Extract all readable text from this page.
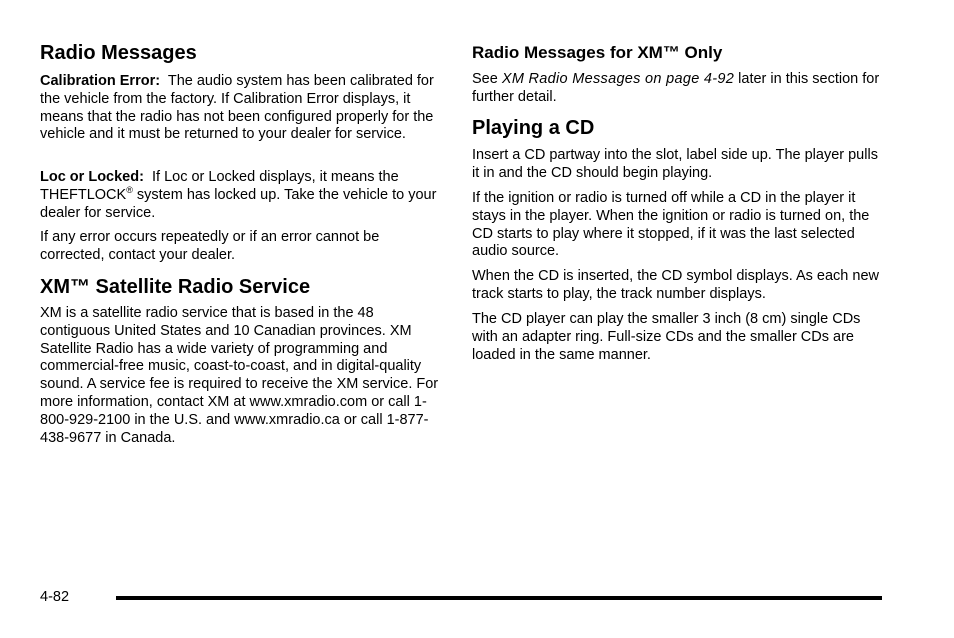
Radio Messages

Calibration Error: The audio system has been calibrated for the vehicle from the factory. If Calibration Error displays, it means that the radio has not been configured properly for the vehicle and it must be returned to your dealer for service.

Loc or Locked: If Loc or Locked displays, it means the THEFTLOCK® system has locked up. Take the vehicle to your dealer for service.

If any error occurs repeatedly or if an error cannot be corrected, contact your dealer.

XM™ Satellite Radio Service

XM is a satellite radio service that is based in the 48 contiguous United States and 10 Canadian provinces. XM Satellite Radio has a wide variety of programming and commercial-free music, coast-to-coast, and in digital-quality sound. A service fee is required to receive the XM service. For more information, contact XM at www.xmradio.com or call 1-800-929-2100 in the U.S. and www.xmradio.ca or call 1-877-438-9677 in Canada.

Radio Messages for XM™ Only

See XM Radio Messages on page 4-92 later in this section for further detail.

Playing a CD

Insert a CD partway into the slot, label side up. The player pulls it in and the CD should begin playing.

If the ignition or radio is turned off while a CD in the player it stays in the player. When the ignition or radio is turned on, the CD starts to play where it stopped, if it was the last selected audio source.

When the CD is inserted, the CD symbol displays. As each new track starts to play, the track number displays.

The CD player can play the smaller 3 inch (8 cm) single CDs with an adapter ring. Full-size CDs and the smaller CDs are loaded in the same manner.

4-82
